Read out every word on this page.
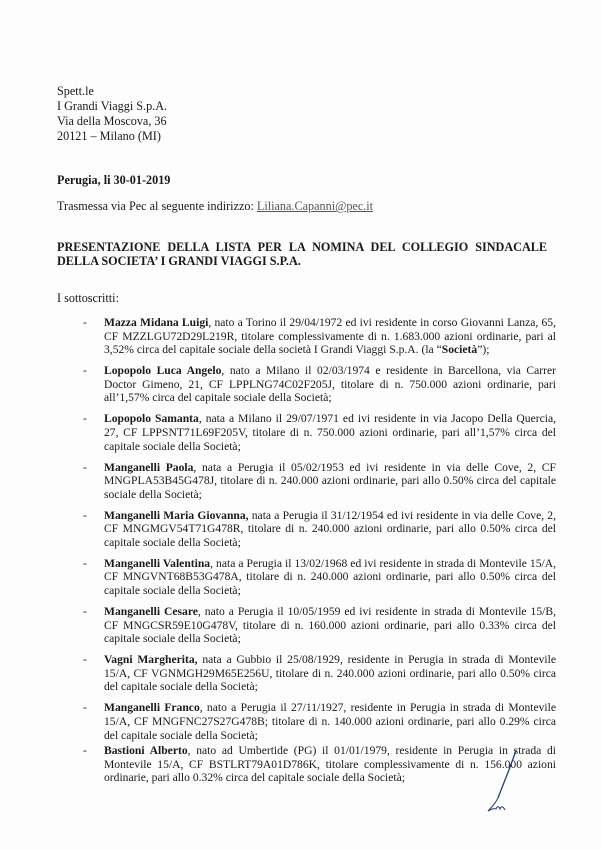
Spett.le
I Grandi Viaggi S.p.A.
Via della Moscova, 36
20121 – Milano (MI)
Perugia, li 30-01-2019
Trasmessa via Pec al seguente indirizzo: Liliana.Capanni@pec.it
PRESENTAZIONE DELLA LISTA PER LA NOMINA DEL COLLEGIO SINDACALE DELLA SOCIETA’ I GRANDI VIAGGI S.P.A.
I sottoscritti:
- Mazza Midana Luigi, nato a Torino il 29/04/1972 ed ivi residente in corso Giovanni Lanza, 65, CF MZZLGU72D29L219R, titolare complessivamente di n. 1.683.000 azioni ordinarie, pari al 3,52% circa del capitale sociale della società I Grandi Viaggi S.p.A. (la “Società”);
- Lopopolo Luca Angelo, nato a Milano il 02/03/1974 e residente in Barcellona, via Carrer Doctor Gimeno, 21, CF LPPLNG74C02F205J, titolare di n. 750.000 azioni ordinarie, pari all’1,57% circa del capitale sociale della Società;
- Lopopolo Samanta, nata a Milano il 29/07/1971 ed ivi residente in via Jacopo Della Quercia, 27, CF LPPSNT71L69F205V, titolare di n. 750.000 azioni ordinarie, pari all’1,57% circa del capitale sociale della Società;
- Manganelli Paola, nata a Perugia il 05/02/1953 ed ivi residente in via delle Cove, 2, CF MNGPLA53B45G478J, titolare di n. 240.000 azioni ordinarie, pari allo 0.50% circa del capitale sociale della Società;
- Manganelli Maria Giovanna, nata a Perugia il 31/12/1954 ed ivi residente in via delle Cove, 2, CF MNGMGV54T71G478R, titolare di n. 240.000 azioni ordinarie, pari allo 0.50% circa del capitale sociale della Società;
- Manganelli Valentina, nata a Perugia il 13/02/1968 ed ivi residente in strada di Montevile 15/A, CF MNGVNT68B53G478A, titolare di n. 240.000 azioni ordinarie, pari allo 0.50% circa del capitale sociale della Società;
- Manganelli Cesare, nato a Perugia il 10/05/1959 ed ivi residente in strada di Montevile 15/B, CF MNGCSR59E10G478V, titolare di n. 160.000 azioni ordinarie, pari allo 0.33% circa del capitale sociale della Società;
- Vagni Margherita, nata a Gubbio il 25/08/1929, residente in Perugia in strada di Montevile 15/A, CF VGNMGH29M65E256U, titolare di n. 240.000 azioni ordinarie, pari allo 0.50% circa del capitale sociale della Società;
- Manganelli Franco, nato a Perugia il 27/11/1927, residente in Perugia in strada di Montevile 15/A, CF MNGFNC27S27G478B; titolare di n. 140.000 azioni ordinarie, pari allo 0.29% circa del capitale sociale della Società;
- Bastioni Alberto, nato ad Umbertide (PG) il 01/01/1979, residente in Perugia in strada di Montevile 15/A, CF BSTLRT79A01D786K, titolare complessivamente di n. 156.000 azioni ordinarie, pari allo 0.32% circa del capitale sociale della Società;
